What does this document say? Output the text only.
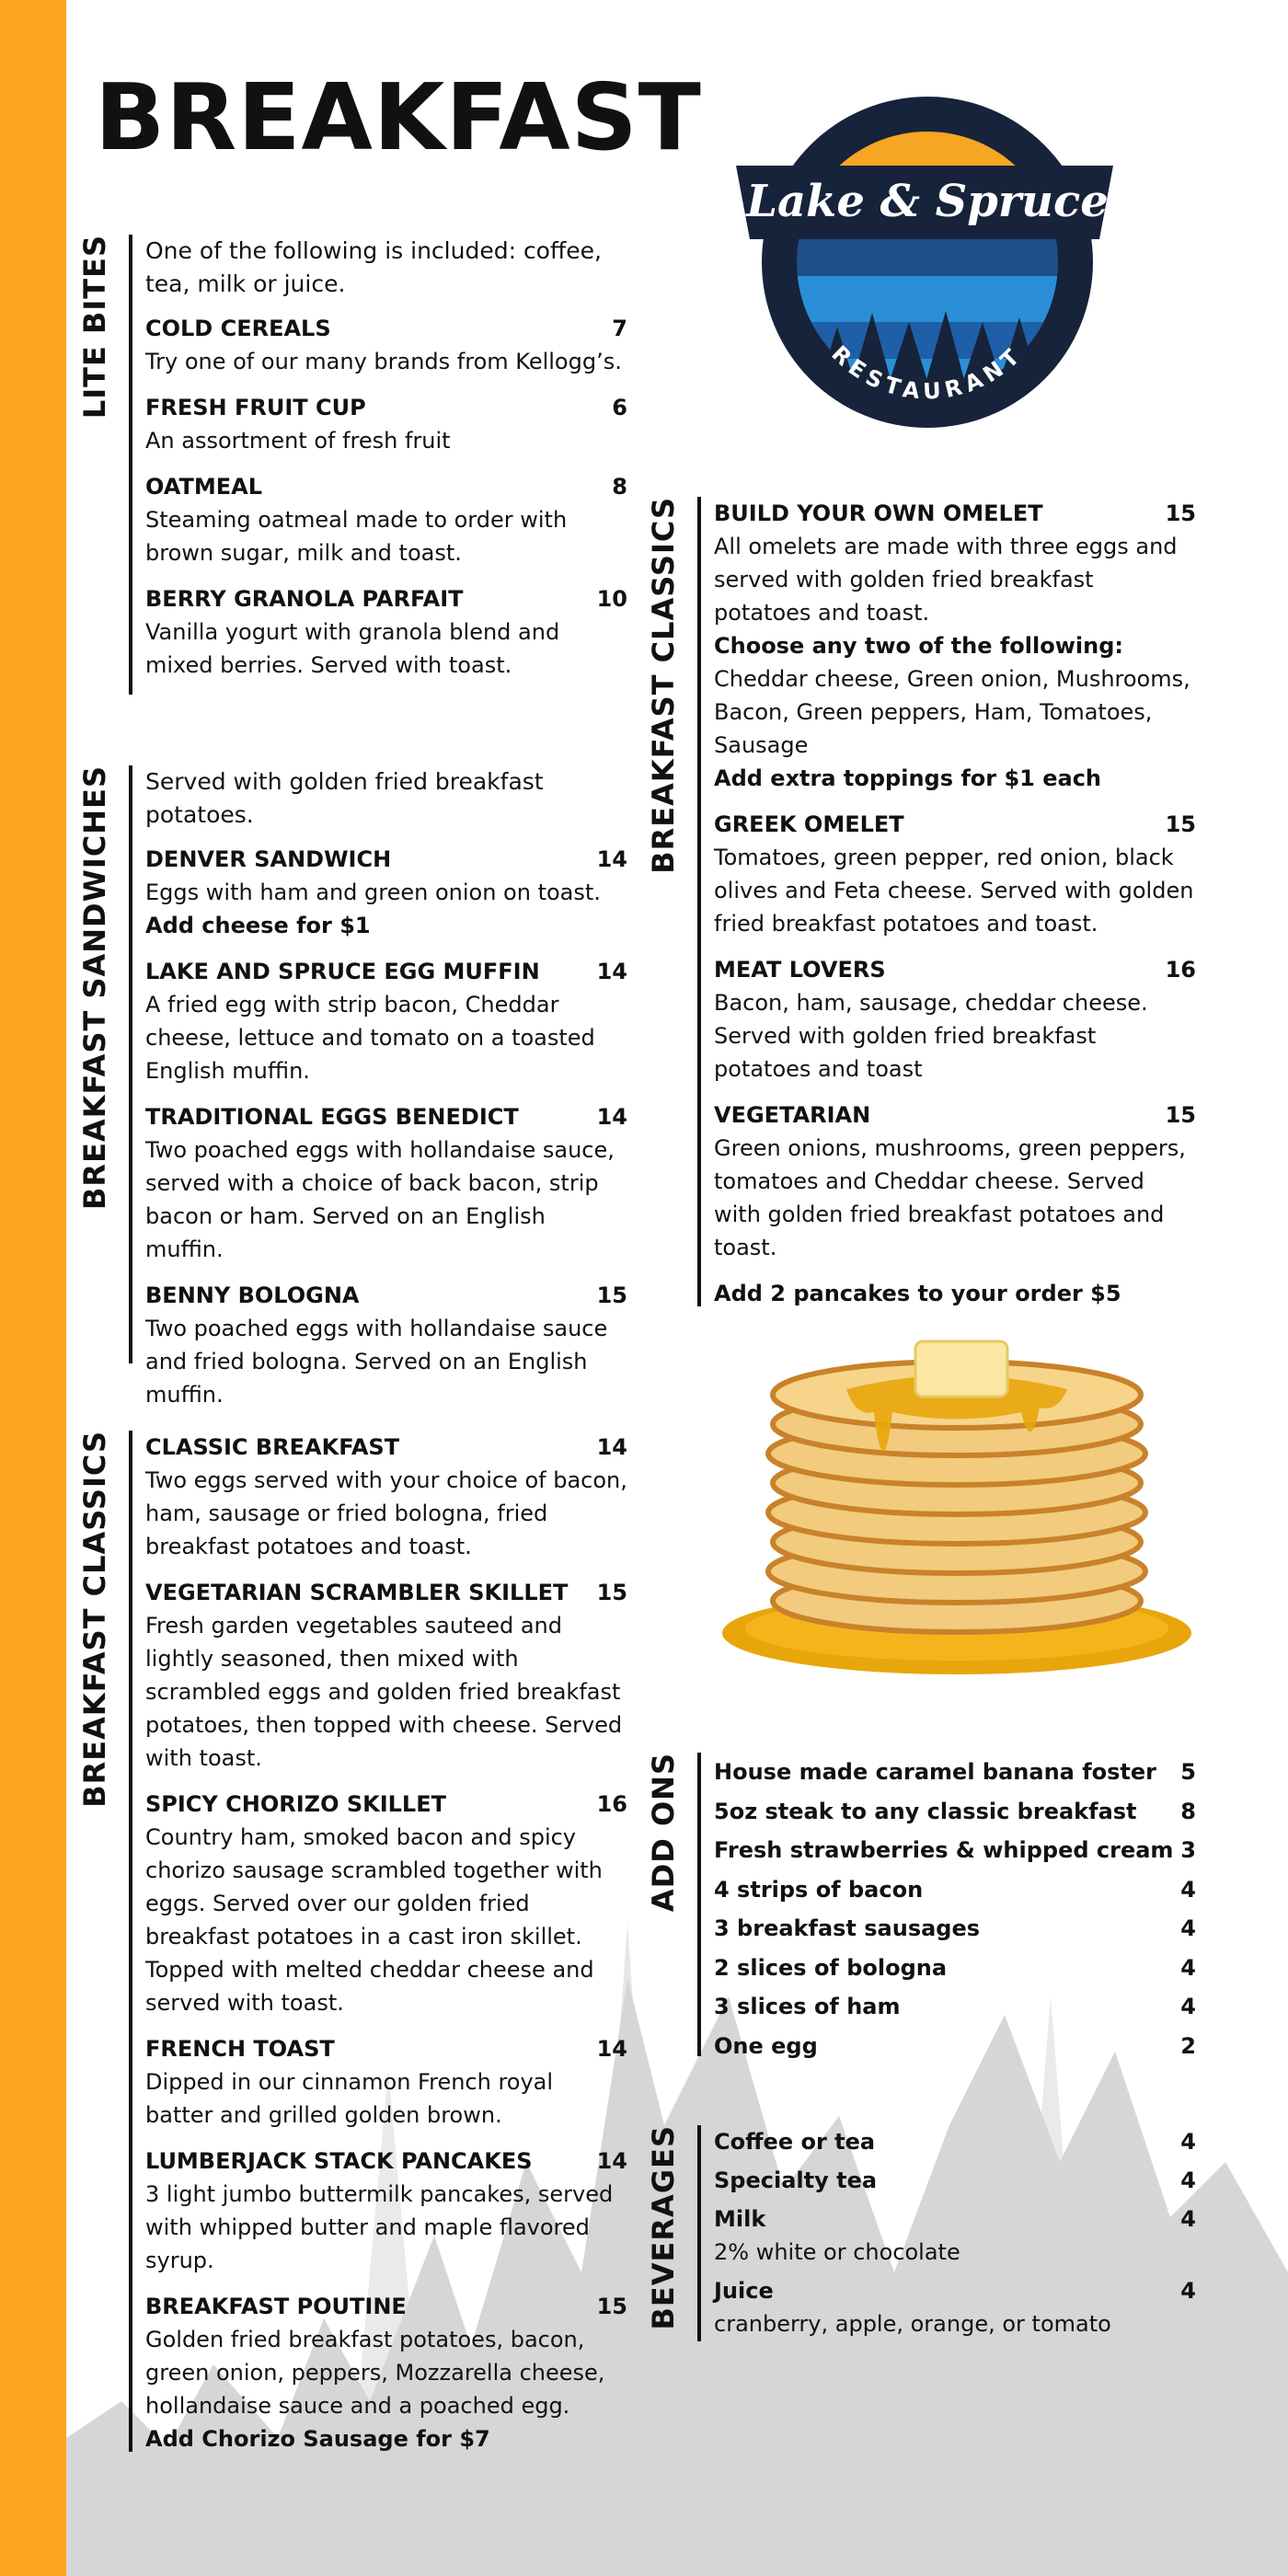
BREAKFAST
Lake & Spruce
RESTAURANT
LITE BITES One of the following is included: coffee, tea, milk or juice.

COLD CEREALS	7
Try one of our many brands from Kellogg’s.
FRESH FRUIT CUP	6
An assortment of fresh fruit
OATMEAL	8
Steaming oatmeal made to order with brown sugar, milk and toast.
BERRY GRANOLA PARFAIT	10
Vanilla yogurt with granola blend and mixed berries. Served with toast.
BREAKFAST SANDWICHES Served with golden fried breakfast potatoes.

DENVER SANDWICH	14
Eggs with ham and green onion on toast.
Add cheese for $1
LAKE AND SPRUCE EGG MUFFIN	14
A fried egg with strip bacon, Cheddar cheese, lettuce and tomato on a toasted English muffin.
TRADITIONAL EGGS BENEDICT	14
Two poached eggs with hollandaise sauce, served with a choice of back bacon, strip bacon or ham. Served on an English muffin.
BENNY BOLOGNA	15
Two poached eggs with hollandaise sauce and fried bologna. Served on an English muffin.
BREAKFAST CLASSICS CLASSIC BREAKFAST	14
Two eggs served with your choice of bacon, ham, sausage or fried bologna, fried breakfast potatoes and toast.
VEGETARIAN SCRAMBLER SKILLET 15
Fresh garden vegetables sauteed and lightly seasoned, then mixed with scrambled eggs and golden fried breakfast potatoes, then topped with cheese. Served with toast.
SPICY CHORIZO SKILLET	16
Country ham, smoked bacon and spicy chorizo sausage scrambled together with eggs. Served over our golden fried breakfast potatoes in a cast iron skillet. Topped with melted cheddar cheese and served with toast.
FRENCH TOAST	14
Dipped in our cinnamon French royal batter and grilled golden brown.
LUMBERJACK STACK PANCAKES	14
3 light jumbo buttermilk pancakes, served with whipped butter and maple flavored syrup.
BREAKFAST POUTINE	15
Golden fried breakfast potatoes, bacon, green onion, peppers, Mozzarella cheese, hollandaise sauce and a poached egg.
Add Chorizo Sausage for $7
BREAKFAST CLASSICS BUILD YOUR OWN OMELET	15
All omelets are made with three eggs and served with golden fried breakfast potatoes and toast.
Choose any two of the following:
Cheddar cheese, Green onion, Mushrooms, Bacon, Green peppers, Ham, Tomatoes, Sausage
Add extra toppings for $1 each
GREEK OMELET	15
Tomatoes, green pepper, red onion, black olives and Feta cheese. Served with golden fried breakfast potatoes and toast.
MEAT LOVERS	16
Bacon, ham, sausage, cheddar cheese. Served with golden fried breakfast potatoes and toast
VEGETARIAN	15
Green onions, mushrooms, green peppers, tomatoes and Cheddar cheese. Served with golden fried breakfast potatoes and toast.
Add 2 pancakes to your order $5
ADD ONS House made caramel banana foster 5
5oz steak to any classic breakfast 8
Fresh strawberries & whipped cream 3
4 strips of bacon	4
3 breakfast sausages	4
2 slices of bologna	4
3 slices of ham	4
One egg	2
BEVERAGES Coffee or tea	4
Specialty tea	4
Milk	4
2% white or chocolate
Juice	4
cranberry, apple, orange, or tomato
